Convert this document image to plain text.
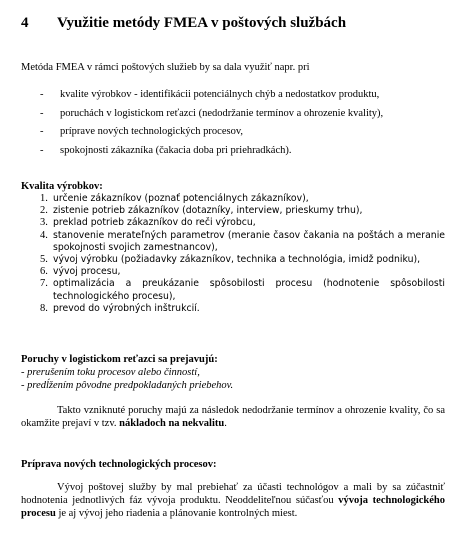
4 Využitie metódy FMEA v poštových službách
Metóda FMEA v rámci poštových služieb by sa dala využiť napr. pri
- kvalite výrobkov - identifikácii potenciálnych chýb a nedostatkov produktu,
- poruchách v logistickom reťazci (nedodržanie termínov a ohrozenie kvality),
- príprave nových technologických procesov,
- spokojnosti zákazníka (čakacia doba pri priehradkách).
Kvalita výrobkov:
1. určenie zákazníkov (poznať potenciálnych zákazníkov),
2. zistenie potrieb zákazníkov (dotazníky, interview, prieskumy trhu),
3. preklad potrieb zákazníkov do reči výrobcu,
4. stanovenie merateľných parametrov (meranie časov čakania na poštách a meranie spokojnosti svojich zamestnancov),
5. vývoj výrobku (požiadavky zákazníkov, technika a technológia, imidž podniku),
6. vývoj procesu,
7. optimalizácia a preukázanie spôsobilosti procesu (hodnotenie spôsobilosti technologického procesu),
8. prevod do výrobných inštrukcií.
Poruchy v logistickom reťazci sa prejavujú:
- prerušením toku procesov alebo činností,
- predĺžením pôvodne predpokladaných priebehov.
Takto vzniknuté poruchy majú za následok nedodržanie termínov a ohrozenie kvality, čo sa okamžite prejaví v tzv. nákladoch na nekvalitu.
Príprava nových technologických procesov:
Vývoj poštovej služby by mal prebiehať za účasti technológov a mali by sa zúčastniť hodnotenia jednotlivých fáz vývoja produktu. Neoddeliteľnou súčasťou vývoja technologického procesu je aj vývoj jeho riadenia a plánovanie kontrolných miest.
